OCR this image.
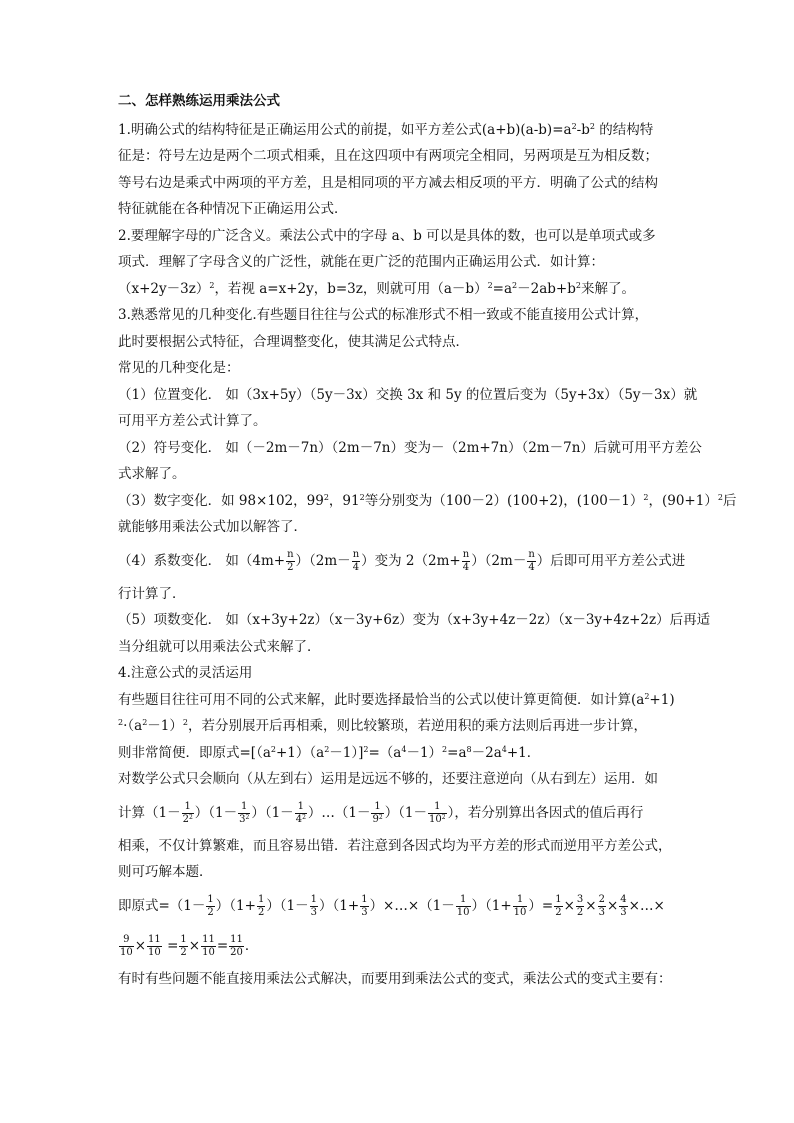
二、怎样熟练运用乘法公式
1.明确公式的结构特征是正确运用公式的前提，如平方差公式$(a+b)(a-b)=a^2-b^2$ 的结构特
征是：符号左边是两个二项式相乘，且在这四项中有两项完全相同，另两项是互为相反数；
等号右边是乘式中两项的平方差，且是相同项的平方减去相反项的平方．明确了公式的结构
特征就能在各种情况下正确运用公式．
2.要理解字母的广泛含义。乘法公式中的字母 a、b 可以是具体的数，也可以是单项式或多
项式．理解了字母含义的广泛性，就能在更广泛的范围内正确运用公式．如计算：
$(x+2y-3z)^2$，若视 a=x+2y，b=3z，则就可用$(a-b)^2=a^2-2ab+b^2$来解了。
3.熟悉常见的几种变化.有些题目往往与公式的标准形式不相一致或不能直接用公式计算，
此时要根据公式特征，合理调整变化，使其满足公式特点．
常见的几种变化是：
（1）位置变化． 如（3x+5y）（5y－3x）交换 3x 和 5y 的位置后变为（5y+3x）（5y－3x）就
可用平方差公式计算了。
（2）符号变化． 如（－2m－7n）（2m－7n）变为－（2m+7n）（2m－7n）后就可用平方差公
式求解了。
（3）数字变化．如 98×102，$99^2$，$91^2$等分别变为（100－2）(100+2)，(100－1）$^2$，(90+1）$^2$后
就能够用乘法公式加以解答了．
（4）系数变化． 如$(4m+ \frac{n}{2} )(2m- \frac{n}{4}$ ）变为 $2(2m+ \frac{n}{4} )(2m- \frac{n}{4}$ ）后即可用平方差公式进
行计算了．
（5）项数变化． 如（x+3y+2z）（x－3y+6z）变为（x+3y+4z－2z）（x－3y+4z+2z）后再适
当分组就可以用乘法公式来解了．
4.注意公式的灵活运用
有些题目往往可用不同的公式来解，此时要选择最恰当的公式以使计算更简便．如计算$(a^2+1)$
$^2\cdot(a^2-1)^2$，若分别展开后再相乘，则比较繁琐，若逆用积的乘方法则后再进一步计算，
则非常简便．即原式$=[(a^2+1)(a^2-1)]^2=(a^4-1)^2=a^8-2a^4+1$．
对数学公式只会顺向（从左到右）运用是远远不够的，还要注意逆向（从右到左）运用．如
计算$(1- \frac{1}{2^2} )(1- \frac{1}{3^2} )(1- \frac{1}{4^2}$ ）…（1－ $\frac{1}{9^2} )(1- \frac{1}{10^2}$ ），若分别算出各因式的值后再行
相乘，不仅计算繁难，而且容易出错．若注意到各因式均为平方差的形式而逆用平方差公式，
则可巧解本题．
即原式$=(1- \frac{1}{2} )(1+ \frac{1}{2} )(1- \frac{1}{3} )(1+ \frac{1}{3}$ ）×…×（1－ $\frac{1}{10} )(1+ \frac{1}{10}$ ）= $\frac{1}{2} \times \frac{3}{2} \times \frac{2}{3} \times \frac{4}{3}$ ×…×
$\frac{9}{10} \times \frac{11}{10} = \frac{1}{2} \times \frac{11}{10} = \frac{11}{20}$ ．
有时有些问题不能直接用乘法公式解决，而要用到乘法公式的变式，乘法公式的变式主要有：
